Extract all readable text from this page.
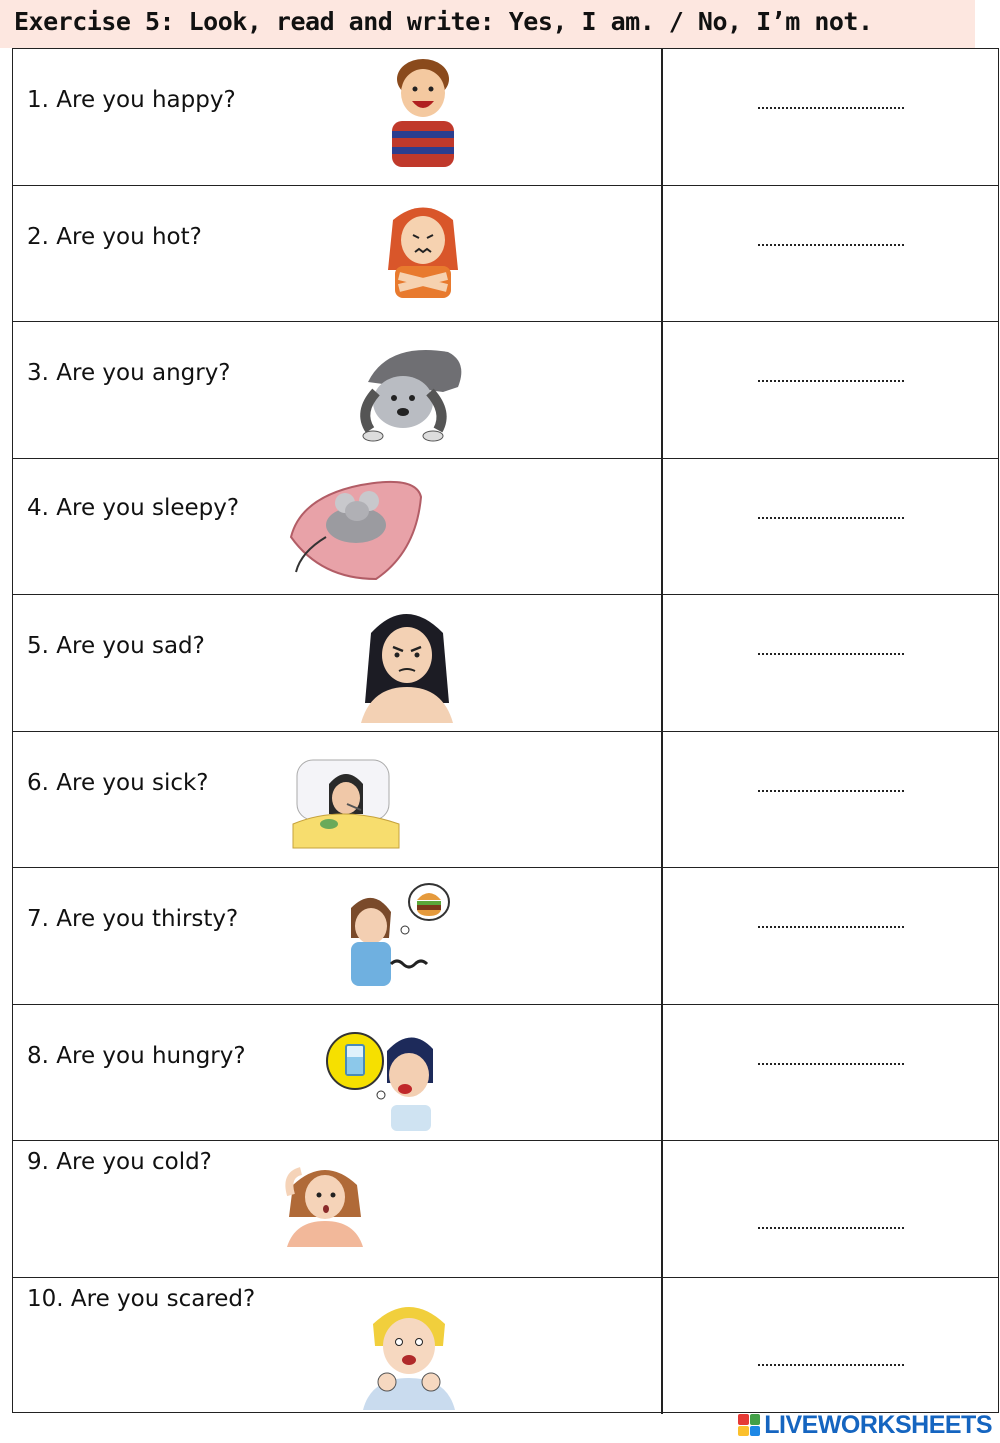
Exercise 5: Look, read and write: Yes, I am. / No, I’m not.
1. Are you happy?
2. Are you hot?
3. Are you angry?
4. Are you sleepy?
5. Are you sad?
6. Are you sick?
7. Are you thirsty?
8. Are you hungry?
9. Are you cold?
10. Are you scared?
LIVEWORKSHEETS
